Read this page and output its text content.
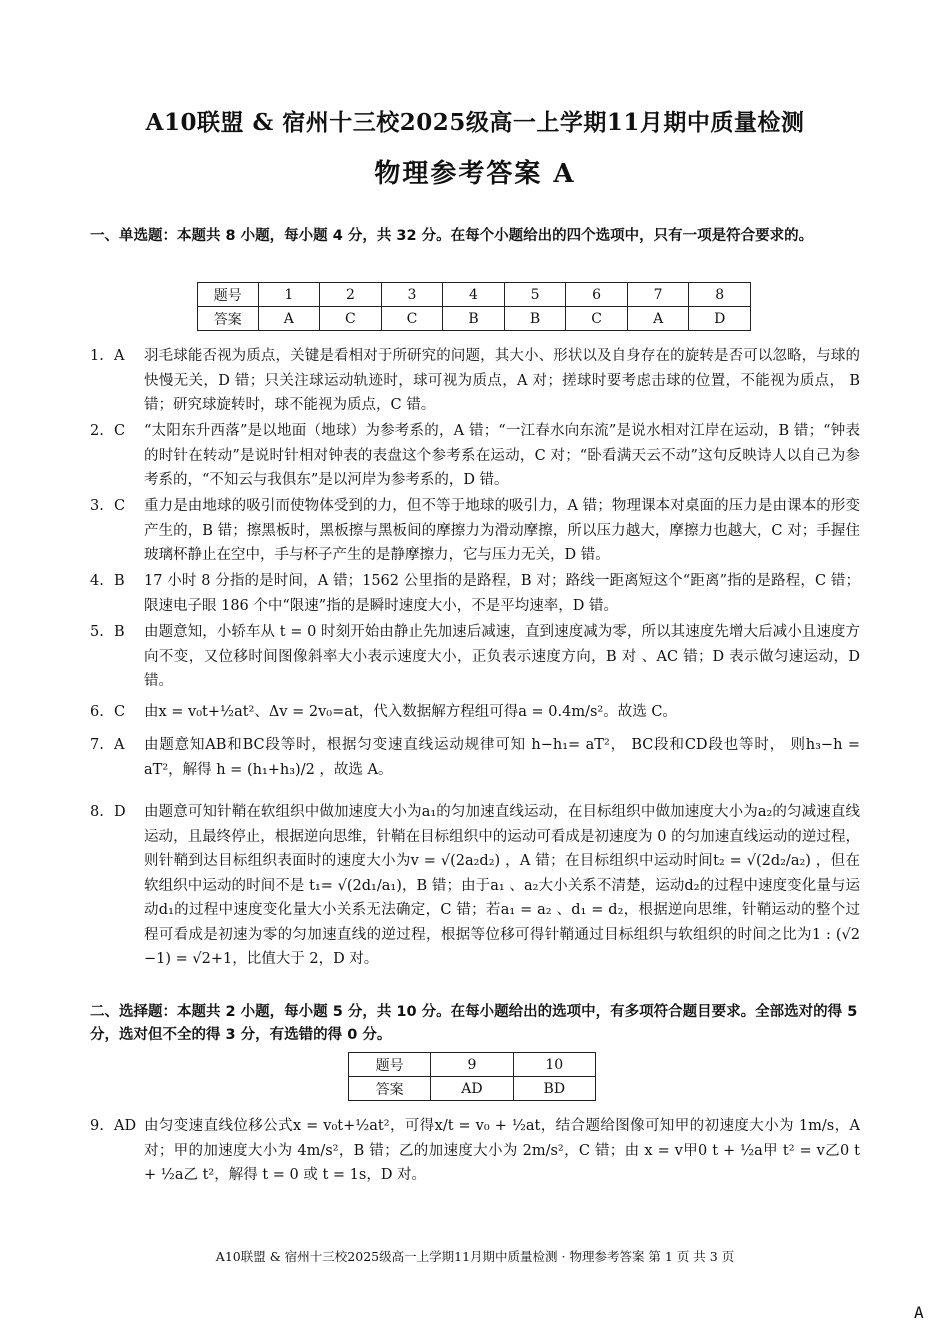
A10联盟 & 宿州十三校2025级高一上学期11月期中质量检测
物理参考答案 A
一、单选题：本题共 8 小题，每小题 4 分，共 32 分。在每个小题给出的四个选项中，只有一项是符合要求的。
题号	1	2	3	4	5	6	7	8
答案	A	C	C	B	B	C	A	D
1. A	羽毛球能否视为质点，关键是看相对于所研究的问题，其大小、形状以及自身存在的旋转是否可以忽略，与球的快慢无关，D 错；只关注球运动轨迹时，球可视为质点，A 对；搓球时要考虑击球的位置，不能视为质点， B 错；研究球旋转时，球不能视为质点，C 错。
2. C	“太阳东升西落”是以地面（地球）为参考系的，A 错；“一江春水向东流”是说水相对江岸在运动，B 错；“钟表的时针在转动”是说时针相对钟表的表盘这个参考系在运动，C 对；“卧看满天云不动”这句反映诗人以自己为参考系的，“不知云与我俱东”是以河岸为参考系的，D 错。
3. C	重力是由地球的吸引而使物体受到的力，但不等于地球的吸引力，A 错；物理课本对桌面的压力是由课本的形变产生的，B 错；擦黑板时，黑板擦与黑板间的摩擦力为滑动摩擦，所以压力越大，摩擦力也越大，C 对；手握住玻璃杯静止在空中，手与杯子产生的是静摩擦力，它与压力无关，D 错。
4. B	17 小时 8 分指的是时间，A 错；1562 公里指的是路程，B 对；路线一距离短这个“距离”指的是路程，C 错；限速电子眼 186 个中“限速”指的是瞬时速度大小，不是平均速率，D 错。
5. B	由题意知，小轿车从 t = 0 时刻开始由静止先加速后减速，直到速度减为零，所以其速度先增大后减小且速度方向不变，又位移时间图像斜率大小表示速度大小，正负表示速度方向，B 对 、AC 错；D 表示做匀速运动，D 错。
6. C	由x = v₀t+½at²、Δv = 2v₀=at，代入数据解方程组可得a = 0.4m/s²。故选 C。
7. A	由题意知AB和BC段等时，根据匀变速直线运动规律可知 h−h₁= aT²， BC段和CD段也等时， 则h₃−h = aT²，解得 h = (h₁+h₃)/2 ，故选 A。
8. D	由题意可知针鞘在软组织中做加速度大小为a₁的匀加速直线运动，在目标组织中做加速度大小为a₂的匀减速直线运动，且最终停止，根据逆向思维，针鞘在目标组织中的运动可看成是初速度为 0 的匀加速直线运动的逆过程，则针鞘到达目标组织表面时的速度大小为v = √(2a₂d₂) ，A 错；在目标组织中运动时间t₂ = √(2d₂/a₂) ，但在软组织中运动的时间不是 t₁= √(2d₁/a₁)，B 错；由于a₁ 、a₂大小关系不清楚，运动d₂的过程中速度变化量与运动d₁的过程中速度变化量大小关系无法确定，C 错；若a₁ = a₂ 、d₁ = d₂，根据逆向思维，针鞘运动的整个过程可看成是初速为零的匀加速直线的逆过程，根据等位移可得针鞘通过目标组织与软组织的时间之比为1 : (√2 −1) = √2+1，比值大于 2，D 对。
二、选择题：本题共 2 小题，每小题 5 分，共 10 分。在每小题给出的选项中，有多项符合题目要求。全部选对的得 5 分，选对但不全的得 3 分，有选错的得 0 分。
题号	9	10
答案	AD	BD
9. AD 由匀变速直线位移公式x = v₀t+½at²，可得x/t = v₀ + ½at，结合题给图像可知甲的初速度大小为 1m/s，A 对；甲的加速度大小为 4m/s²，B 错；乙的加速度大小为 2m/s²，C 错；由 x = v甲0 t + ½a甲 t² = v乙0 t + ½a乙 t²，解得 t = 0 或 t = 1s，D 对。
A10联盟 & 宿州十三校2025级高一上学期11月期中质量检测 · 物理参考答案 第 1 页 共 3 页
A
